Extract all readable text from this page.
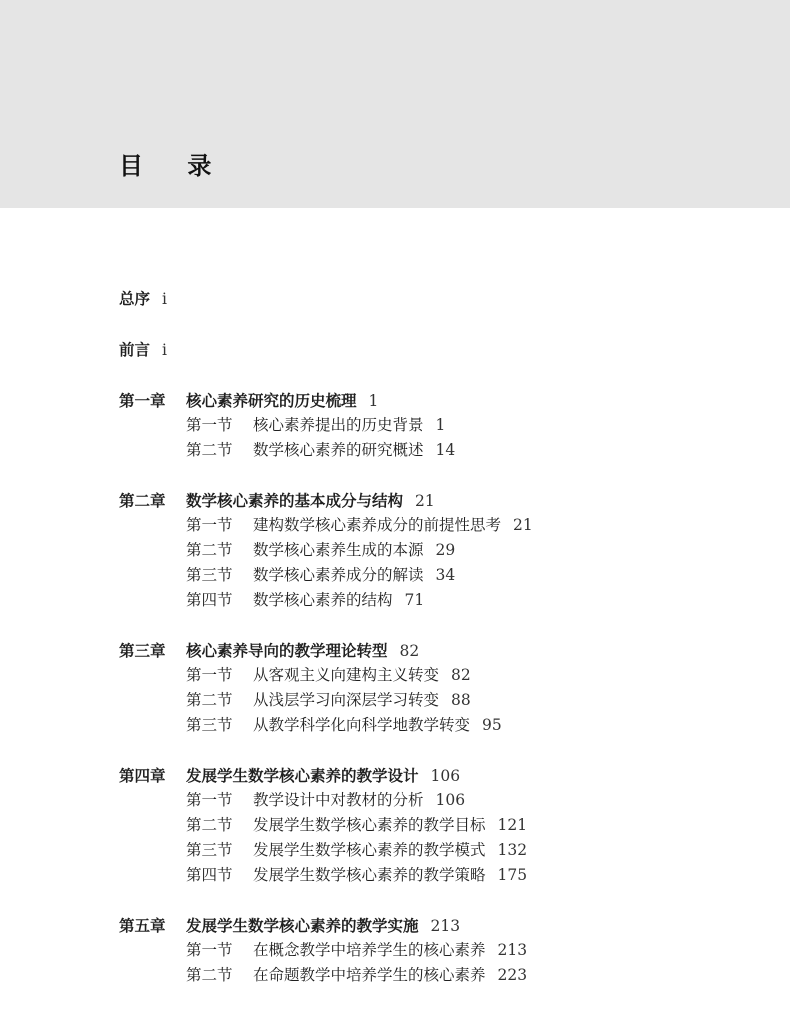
目 录
总序 i
前言 i
第一章 核心素养研究的历史梳理 1
第一节 核心素养提出的历史背景 1
第二节 数学核心素养的研究概述 14
第二章 数学核心素养的基本成分与结构 21
第一节 建构数学核心素养成分的前提性思考 21
第二节 数学核心素养生成的本源 29
第三节 数学核心素养成分的解读 34
第四节 数学核心素养的结构 71
第三章 核心素养导向的教学理论转型 82
第一节 从客观主义向建构主义转变 82
第二节 从浅层学习向深层学习转变 88
第三节 从教学科学化向科学地教学转变 95
第四章 发展学生数学核心素养的教学设计 106
第一节 教学设计中对教材的分析 106
第二节 发展学生数学核心素养的教学目标 121
第三节 发展学生数学核心素养的教学模式 132
第四节 发展学生数学核心素养的教学策略 175
第五章 发展学生数学核心素养的教学实施 213
第一节 在概念教学中培养学生的核心素养 213
第二节 在命题教学中培养学生的核心素养 223
